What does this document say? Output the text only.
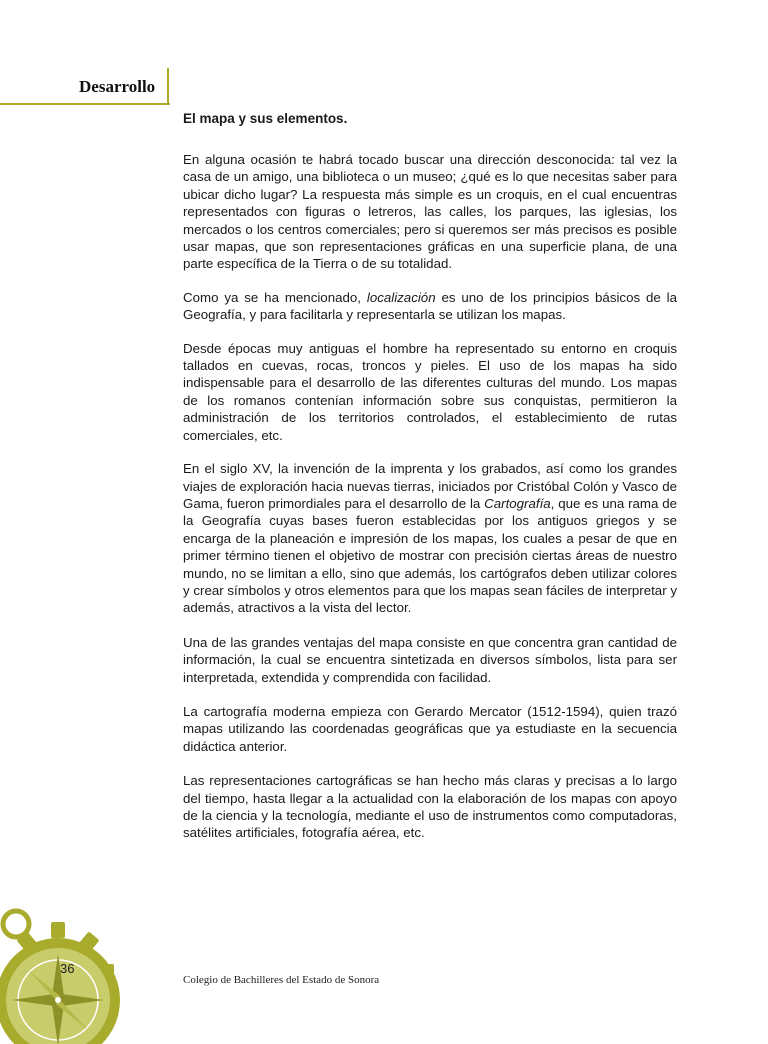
Desarrollo

El mapa y sus elementos.

En alguna ocasión te habrá tocado buscar una dirección desconocida: tal vez la casa de un amigo, una biblioteca o un museo; ¿qué es lo que necesitas saber para ubicar dicho lugar? La respuesta más simple es un croquis, en el cual encuentras representados con figuras o letreros, las calles, los parques, las iglesias, los mercados o los centros comerciales; pero si queremos ser más precisos es posible usar mapas, que son representaciones gráficas en una superficie plana, de una parte específica de la Tierra o de su totalidad.

Como ya se ha mencionado, localización es uno de los principios básicos de la Geografía, y para facilitarla y representarla se utilizan los mapas.

Desde épocas muy antiguas el hombre ha representado su entorno en croquis tallados en cuevas, rocas, troncos y pieles. El uso de los mapas ha sido indispensable para el desarrollo de las diferentes culturas del mundo. Los mapas de los romanos contenían información sobre sus conquistas, permitieron la administración de los territorios controlados, el establecimiento de rutas comerciales, etc.

En el siglo XV, la invención de la imprenta y los grabados, así como los grandes viajes de exploración hacia nuevas tierras, iniciados por Cristóbal Colón y Vasco de Gama, fueron primordiales para el desarrollo de la Cartografía, que es una rama de la Geografía cuyas bases fueron establecidas por los antiguos griegos y se encarga de la planeación e impresión de los mapas, los cuales a pesar de que en primer término tienen el objetivo de mostrar con precisión ciertas áreas de nuestro mundo, no se limitan a ello, sino que además, los cartógrafos deben utilizar colores y crear símbolos y otros elementos para que los mapas sean fáciles de interpretar y además, atractivos a la vista del lector.

Una de las grandes ventajas del mapa consiste en que concentra gran cantidad de información, la cual se encuentra sintetizada en diversos símbolos, lista para ser interpretada, extendida y comprendida con facilidad.

La cartografía moderna empieza con Gerardo Mercator (1512-1594), quien trazó mapas utilizando las coordenadas geográficas que ya estudiaste en la secuencia didáctica anterior.

Las representaciones cartográficas se han hecho más claras y precisas a lo largo del tiempo, hasta llegar a la actualidad con la elaboración de los mapas con apoyo de la ciencia y la tecnología, mediante el uso de instrumentos como computadoras, satélites artificiales, fotografía aérea, etc.

36
Colegio de Bachilleres del Estado de Sonora
